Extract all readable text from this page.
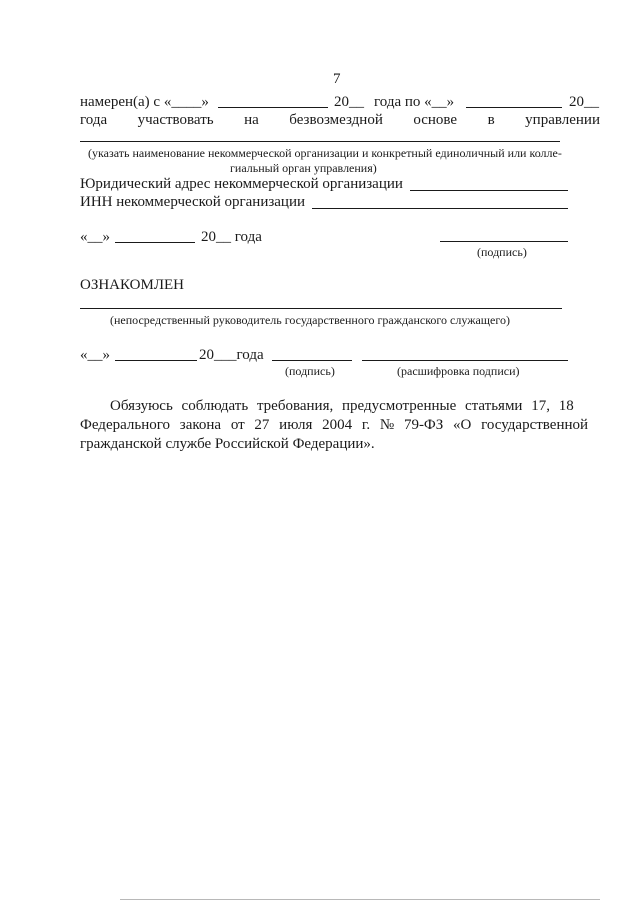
7
намерен(а) с «____»	20__ года по «__»	20__
года участвовать на безвозмездной основе в управлении
(указать наименование некоммерческой организации и конкретный единоличный или колле-
гиальный орган управления)
Юридический адрес некоммерческой организации
ИНН некоммерческой организации
«__»	20__ года
(подпись)
ОЗНАКОМЛЕН
(непосредственный руководитель государственного гражданского служащего)
«__»	20___года
(подпись)	(расшифровка подписи)
Обязуюсь соблюдать требования, предусмотренные статьями 17, 18
Федерального закона от 27 июля 2004 г. № 79-ФЗ «О государственной
гражданской службе Российской Федерации».
